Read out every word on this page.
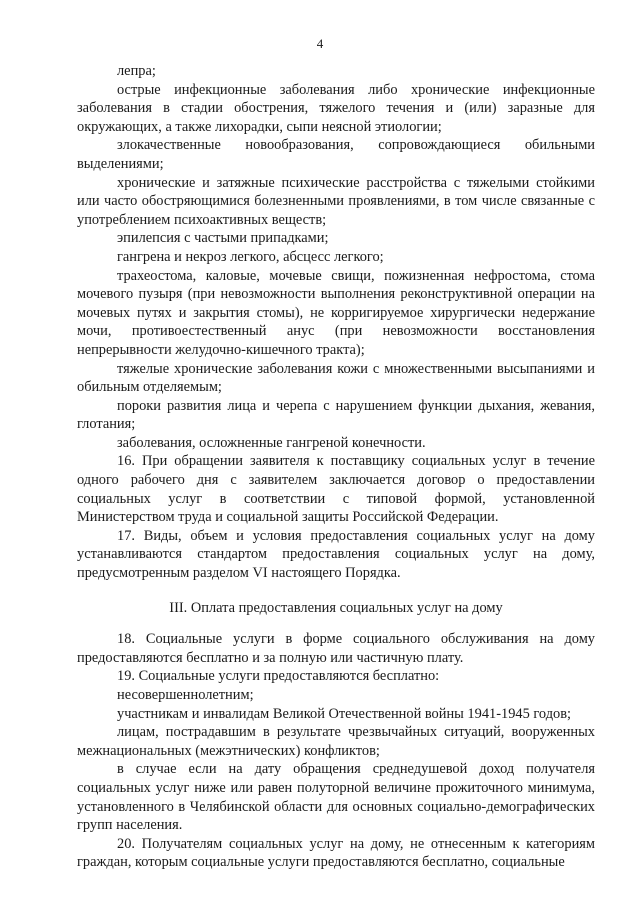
4

лепра;

острые инфекционные заболевания либо хронические инфекционные заболевания в стадии обострения, тяжелого течения и (или) заразные для окружающих, а также лихорадки, сыпи неясной этиологии;

злокачественные новообразования, сопровождающиеся обильными выделениями;

хронические и затяжные психические расстройства с тяжелыми стойкими или часто обостряющимися болезненными проявлениями, в том числе связанные с употреблением психоактивных веществ;

эпилепсия с частыми припадками;

гангрена и некроз легкого, абсцесс легкого;

трахеостома, каловые, мочевые свищи, пожизненная нефростома, стома мочевого пузыря (при невозможности выполнения реконструктивной операции на мочевых путях и закрытия стомы), не корригируемое хирургически недержание мочи, противоестественный анус (при невозможности восстановления непрерывности желудочно-кишечного тракта);

тяжелые хронические заболевания кожи с множественными высыпаниями и обильным отделяемым;

пороки развития лица и черепа с нарушением функции дыхания, жевания, глотания;

заболевания, осложненные гангреной конечности.

16. При обращении заявителя к поставщику социальных услуг в течение одного рабочего дня с заявителем заключается договор о предоставлении социальных услуг в соответствии с типовой формой, установленной Министерством труда и социальной защиты Российской Федерации.

17. Виды, объем и условия предоставления социальных услуг на дому устанавливаются стандартом предоставления социальных услуг на дому, предусмотренным разделом VI настоящего Порядка.

III. Оплата предоставления социальных услуг на дому

18. Социальные услуги в форме социального обслуживания на дому предоставляются бесплатно и за полную или частичную плату.

19. Социальные услуги предоставляются бесплатно:

несовершеннолетним;

участникам и инвалидам Великой Отечественной войны 1941-1945 годов;

лицам, пострадавшим в результате чрезвычайных ситуаций, вооруженных межнациональных (межэтнических) конфликтов;

в случае если на дату обращения среднедушевой доход получателя социальных услуг ниже или равен полуторной величине прожиточного минимума, установленного в Челябинской области для основных социально-демографических групп населения.

20. Получателям социальных услуг на дому, не отнесенным к категориям граждан, которым социальные услуги предоставляются бесплатно, социальные
